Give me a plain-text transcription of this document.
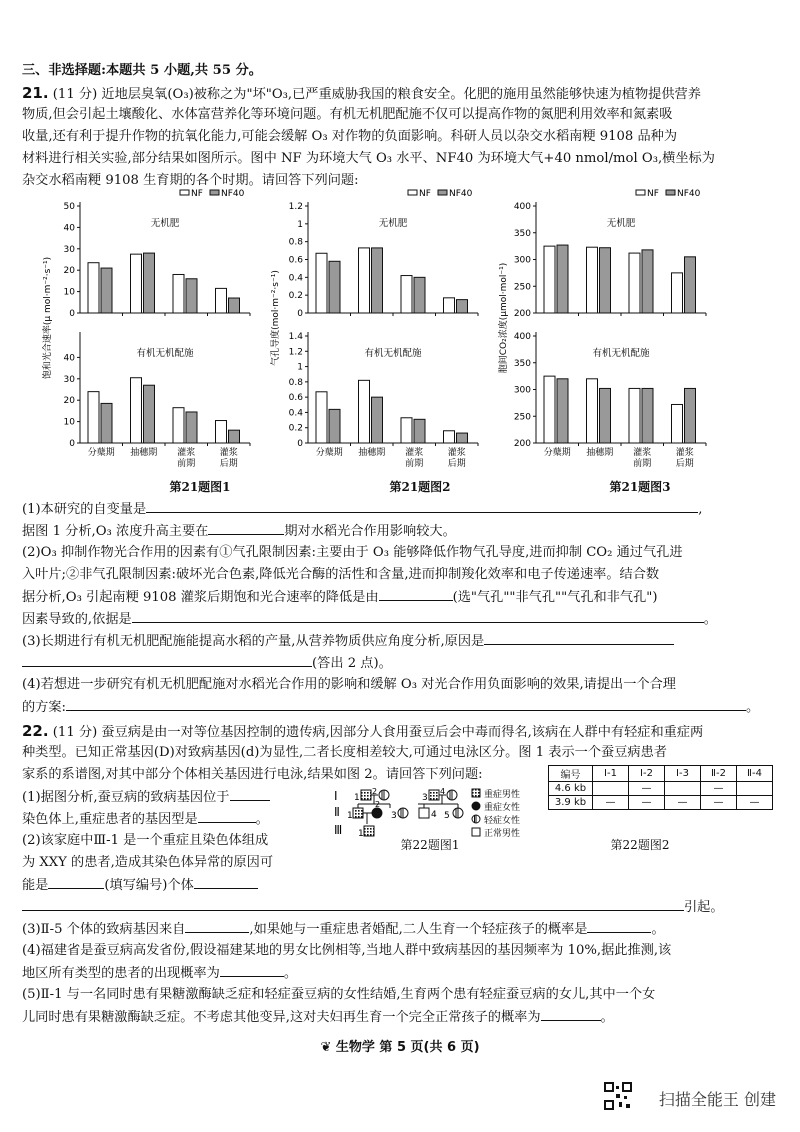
三、非选择题:本题共 5 小题,共 55 分。
21. (11 分) 近地层臭氧(O₃)被称之为"坏"O₃,已严重威胁我国的粮食安全。化肥的施用虽然能够快速为植物提供营养
物质,但会引起土壤酸化、水体富营养化等环境问题。有机无机肥配施不仅可以提高作物的氮肥利用效率和氮素吸
收量,还有利于提升作物的抗氧化能力,可能会缓解 O₃ 对作物的负面影响。科研人员以杂交水稻南粳 9108 品种为
材料进行相关实验,部分结果如图所示。图中 NF 为环境大气 O₃ 水平、NF40 为环境大气+40 nmol/mol O₃,横坐标为
杂交水稻南粳 9108 生育期的各个时期。请回答下列问题:
饱和光合速率(μ mol·m⁻²·s⁻¹)
NF NF40
0
10
20
30
40
50
无机肥
0
10
20
30
40	有机无机配施
分蘖期 抽穗期 灌浆
前期
灌浆
后期
气孔导度(mol·m⁻²·s⁻¹)
NF NF40
0
0.2
0.4
0.6
0.8
1
1.2
无机肥
0
0.2
0.4
0.6
0.8
1
1.2
1.4
有机无机配施
分蘖期 抽穗期 灌浆
前期
灌浆
后期
胞间CO₂浓度(μmol·mol⁻¹)
NF NF40
200
250
300
350
400
无机肥
200
250
300
350
400
有机无机配施
分蘖期 抽穗期 灌浆
前期
灌浆
后期
第21题图1	第21题图2	第21题图3
(1)本研究的自变量是	,
据图 1 分析,O₃ 浓度升高主要在	期对水稻光合作用影响较大。
(2)O₃ 抑制作物光合作用的因素有①气孔限制因素:主要由于 O₃ 能够降低作物气孔导度,进而抑制 CO₂ 通过气孔进
入叶片;②非气孔限制因素:破坏光合色素,降低光合酶的活性和含量,进而抑制羧化效率和电子传递速率。结合数
据分析,O₃ 引起南粳 9108 灌浆后期饱和光合速率的降低是由	(选"气孔""非气孔""气孔和非气孔")
因素导致的,依据是	。
(3)长期进行有机无机肥配施能提高水稻的产量,从营养物质供应角度分析,原因是
(答出 2 点)。
(4)若想进一步研究有机无机肥配施对水稻光合作用的影响和缓解 O₃ 对光合作用负面影响的效果,请提出一个合理
的方案:	。
22. (11 分) 蚕豆病是由一对等位基因控制的遗传病,因部分人食用蚕豆后会中毒而得名,该病在人群中有轻症和重症两
种类型。已知正常基因(D)对致病基因(d)为显性,二者长度相差较大,可通过电泳区分。图 1 表示一个蚕豆病患者
家系的系谱图,对其中部分个体相关基因进行电泳,结果如图 2。请回答下列问题:
(1)据图分析,蚕豆病的致病基因位于
染色体上,重症患者的基因型是	。
(2)该家庭中Ⅲ-1 是一个重症且染色体组成
为 XXY 的患者,造成其染色体异常的原因可
能是	(填写编号)个体
引起。
Ⅰ
Ⅱ
Ⅲ
1
2
3
4
1
2
3	4 5
1
重症男性
重症女性
轻症女性
正常男性
第22题图1
编号	Ⅰ-1	Ⅰ-2	Ⅰ-3	Ⅱ-2	Ⅱ-4
4.6 kb		—		—	
3.9 kb	—	—	—	—	—
第22题图2
(3)Ⅱ-5 个体的致病基因来自	,如果她与一重症患者婚配,二人生育一个轻症孩子的概率是	。
(4)福建省是蚕豆病高发省份,假设福建某地的男女比例相等,当地人群中致病基因的基因频率为 10%,据此推测,该
地区所有类型的患者的出现概率为	。
(5)Ⅱ-1 与一名同时患有果糖激酶缺乏症和轻症蚕豆病的女性结婚,生育两个患有轻症蚕豆病的女儿,其中一个女
儿同时患有果糖激酶缺乏症。不考虑其他变异,这对夫妇再生育一个完全正常孩子的概率为	。
❦ 生物学 第 5 页(共 6 页)
扫描全能王 创建
